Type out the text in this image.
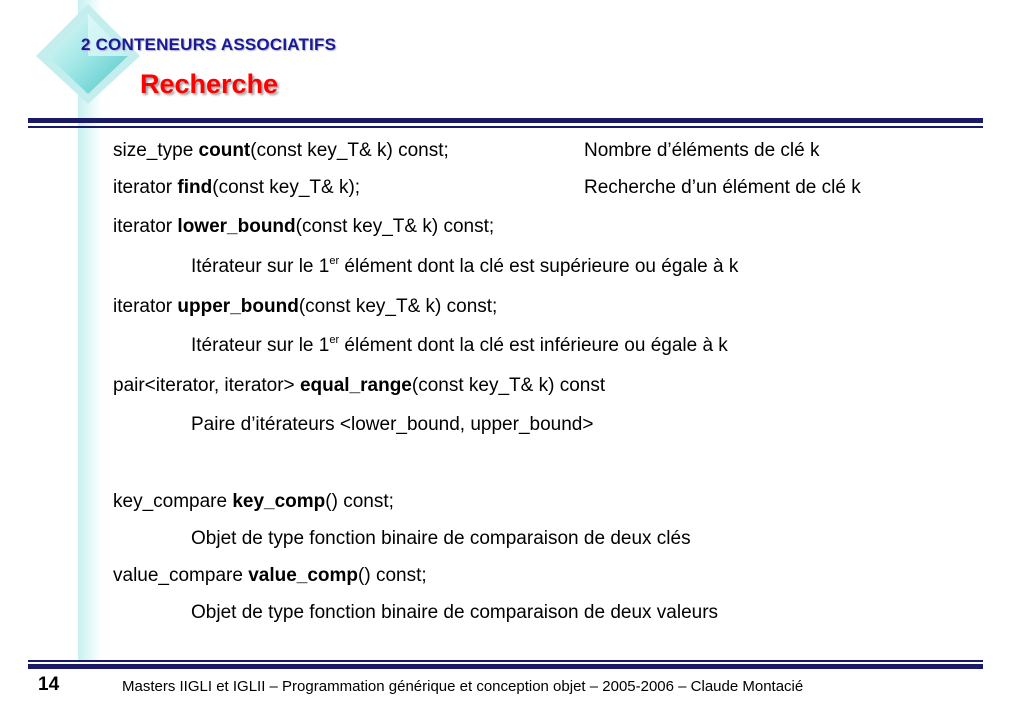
2 CONTENEURS ASSOCIATIFS
Recherche
size_type count(const key_T& k) const;	Nombre d’éléments de clé k
iterator find(const key_T& k);	Recherche d’un élément de clé k
iterator lower_bound(const key_T& k) const;
Itérateur sur le 1er élément dont la clé est supérieure ou égale à k
iterator upper_bound(const key_T& k) const;
Itérateur sur le 1er élément dont la clé est inférieure ou égale à k
pair<iterator, iterator> equal_range(const key_T& k) const
Paire d’itérateurs <lower_bound, upper_bound>
key_compare key_comp() const;
Objet de type fonction binaire de comparaison de deux clés
value_compare value_comp() const;
Objet de type fonction binaire de comparaison de deux valeurs
14	Masters IIGLI et IGLII – Programmation générique et conception objet – 2005-2006 – Claude Montacié
